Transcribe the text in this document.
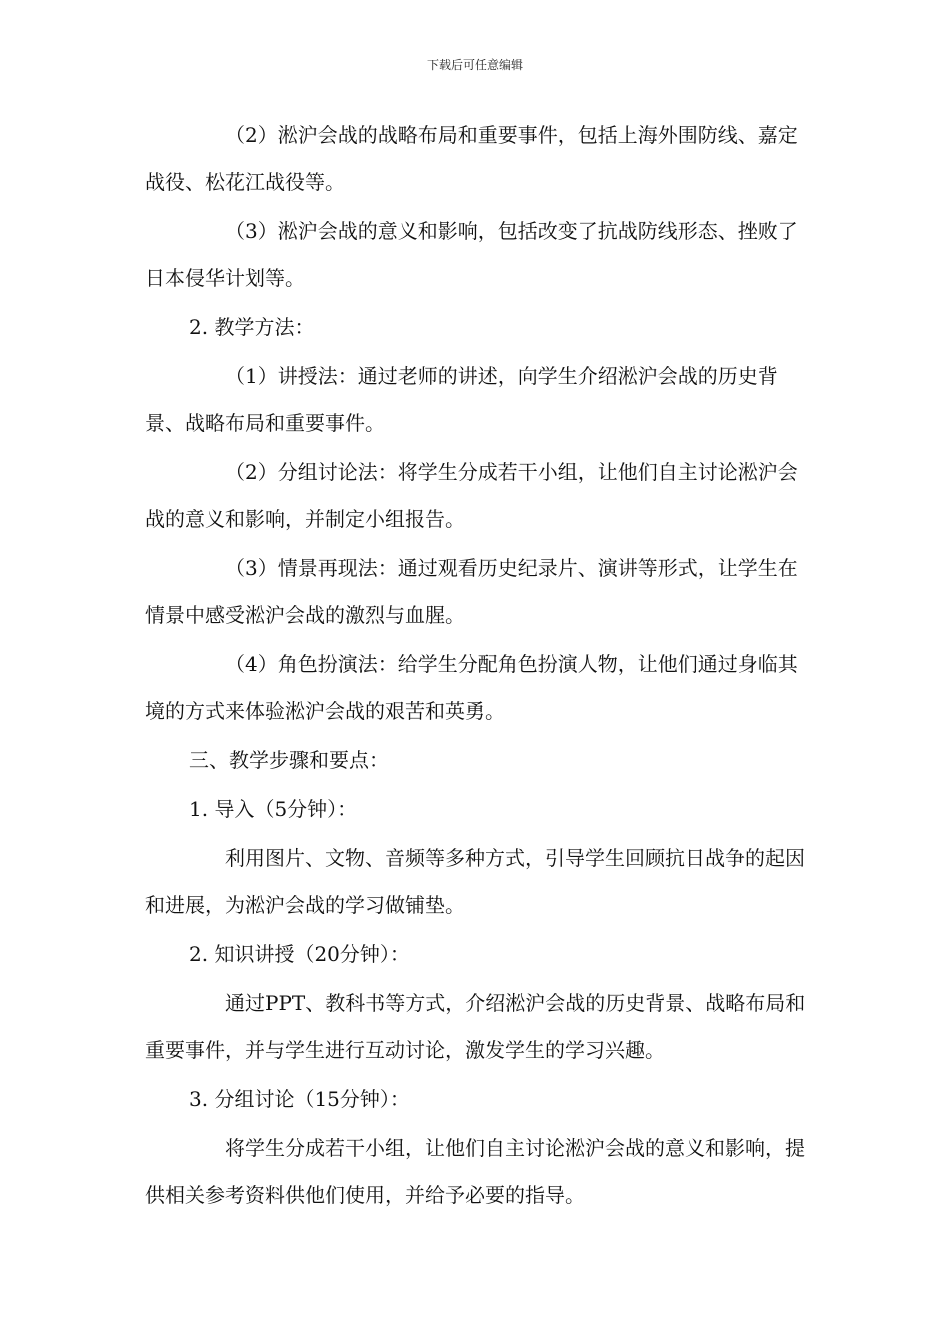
下载后可任意编辑

（2）淞沪会战的战略布局和重要事件，包括上海外围防线、嘉定战役、松花江战役等。

（3）淞沪会战的意义和影响，包括改变了抗战防线形态、挫败了日本侵华计划等。

2. 教学方法：

（1）讲授法：通过老师的讲述，向学生介绍淞沪会战的历史背景、战略布局和重要事件。

（2）分组讨论法：将学生分成若干小组，让他们自主讨论淞沪会战的意义和影响，并制定小组报告。

（3）情景再现法：通过观看历史纪录片、演讲等形式，让学生在情景中感受淞沪会战的激烈与血腥。

（4）角色扮演法：给学生分配角色扮演人物，让他们通过身临其境的方式来体验淞沪会战的艰苦和英勇。

三、教学步骤和要点：

1. 导入（5分钟）：

利用图片、文物、音频等多种方式，引导学生回顾抗日战争的起因和进展，为淞沪会战的学习做铺垫。

2. 知识讲授（20分钟）：

通过PPT、教科书等方式，介绍淞沪会战的历史背景、战略布局和重要事件，并与学生进行互动讨论，激发学生的学习兴趣。

3. 分组讨论（15分钟）：

将学生分成若干小组，让他们自主讨论淞沪会战的意义和影响，提供相关参考资料供他们使用，并给予必要的指导。
